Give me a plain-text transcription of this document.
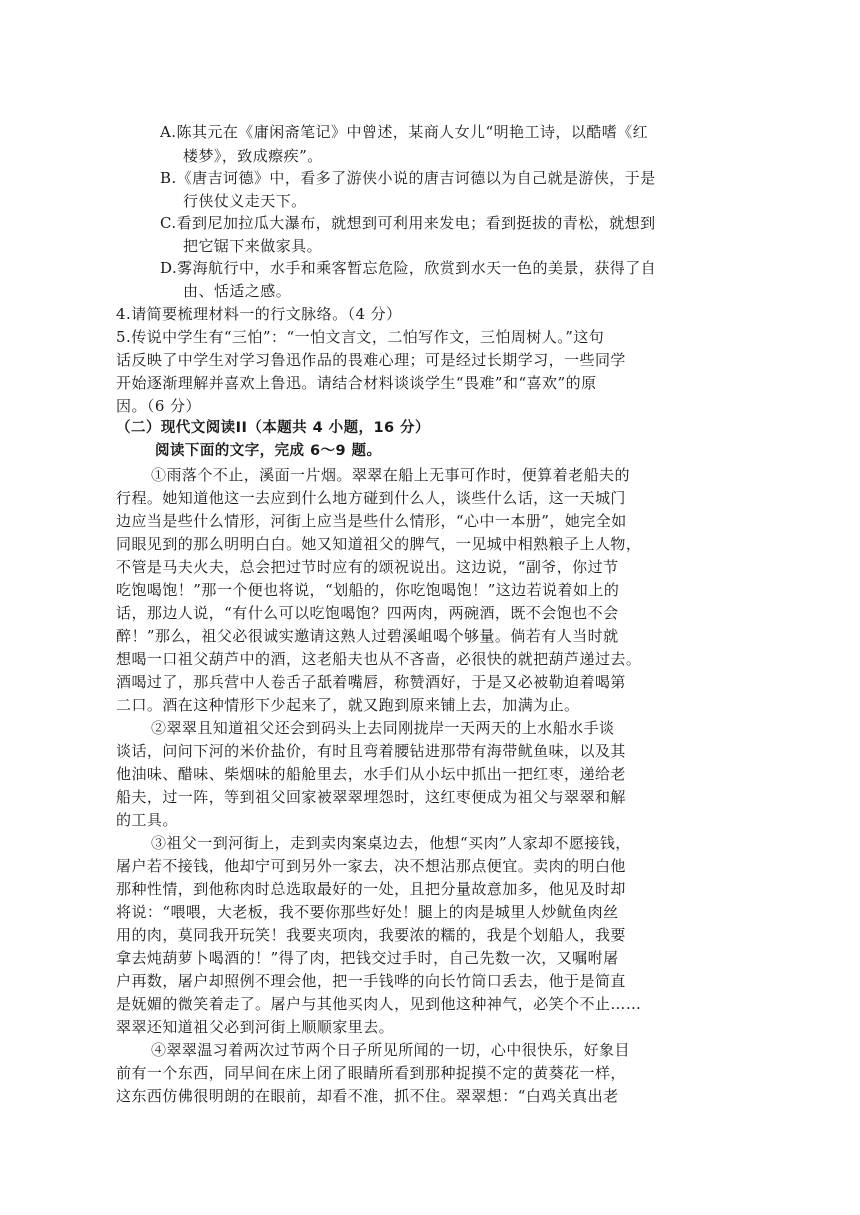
A.陈其元在《庸闲斋笔记》中曾述，某商人女儿“明艳工诗，以酷嗜《红
楼梦》，致成瘵疾”。
B.《唐吉诃德》中，看多了游侠小说的唐吉诃德以为自己就是游侠，于是
行侠仗义走天下。
C.看到尼加拉瓜大瀑布，就想到可利用来发电；看到挺拔的青松，就想到
把它锯下来做家具。
D.雾海航行中，水手和乘客暂忘危险，欣赏到水天一色的美景，获得了自
由、恬适之感。
4.请简要梳理材料一的行文脉络。（4 分）
5.传说中学生有“三怕”：“一怕文言文，二怕写作文，三怕周树人。”这句
话反映了中学生对学习鲁迅作品的畏难心理；可是经过长期学习，一些同学
开始逐渐理解并喜欢上鲁迅。请结合材料谈谈学生“畏难”和“喜欢”的原
因。（6 分）
（二）现代文阅读II（本题共 4 小题，16 分）
阅读下面的文字，完成 6～9 题。
①雨落个不止，溪面一片烟。翠翠在船上无事可作时，便算着老船夫的
行程。她知道他这一去应到什么地方碰到什么人，谈些什么话，这一天城门
边应当是些什么情形，河街上应当是些什么情形，“心中一本册”，她完全如
同眼见到的那么明明白白。她又知道祖父的脾气，一见城中相熟粮子上人物，
不管是马夫火夫，总会把过节时应有的颂祝说出。这边说，“副爷，你过节
吃饱喝饱！”那一个便也将说，“划船的，你吃饱喝饱！”这边若说着如上的
话，那边人说，“有什么可以吃饱喝饱？四两肉，两碗酒，既不会饱也不会
醉！”那么，祖父必很诚实邀请这熟人过碧溪岨喝个够量。倘若有人当时就
想喝一口祖父葫芦中的酒，这老船夫也从不吝啬，必很快的就把葫芦递过去。
酒喝过了，那兵营中人卷舌子舐着嘴唇，称赞酒好，于是又必被勒迫着喝第
二口。酒在这种情形下少起来了，就又跑到原来铺上去，加满为止。
②翠翠且知道祖父还会到码头上去同刚拢岸一天两天的上水船水手谈
谈话，问问下河的米价盐价，有时且弯着腰钻进那带有海带鱿鱼味，以及其
他油味、醋味、柴烟味的船舱里去，水手们从小坛中抓出一把红枣，递给老
船夫，过一阵，等到祖父回家被翠翠埋怨时，这红枣便成为祖父与翠翠和解
的工具。
③祖父一到河街上，走到卖肉案桌边去，他想“买肉”人家却不愿接钱，
屠户若不接钱，他却宁可到另外一家去，决不想沾那点便宜。卖肉的明白他
那种性情，到他称肉时总选取最好的一处，且把分量故意加多，他见及时却
将说：“喂喂，大老板，我不要你那些好处！腿上的肉是城里人炒鱿鱼肉丝
用的肉，莫同我开玩笑！我要夹项肉，我要浓的糯的，我是个划船人，我要
拿去炖葫萝卜喝酒的！”得了肉，把钱交过手时，自己先数一次，又嘱咐屠
户再数，屠户却照例不理会他，把一手钱哗的向长竹筒口丢去，他于是简直
是妩媚的微笑着走了。屠户与其他买肉人，见到他这种神气，必笑个不止……
翠翠还知道祖父必到河街上顺顺家里去。
④翠翠温习着两次过节两个日子所见所闻的一切，心中很快乐，好象目
前有一个东西，同早间在床上闭了眼睛所看到那种捉摸不定的黄葵花一样，
这东西仿佛很明朗的在眼前，却看不准，抓不住。翠翠想：“白鸡关真出老
